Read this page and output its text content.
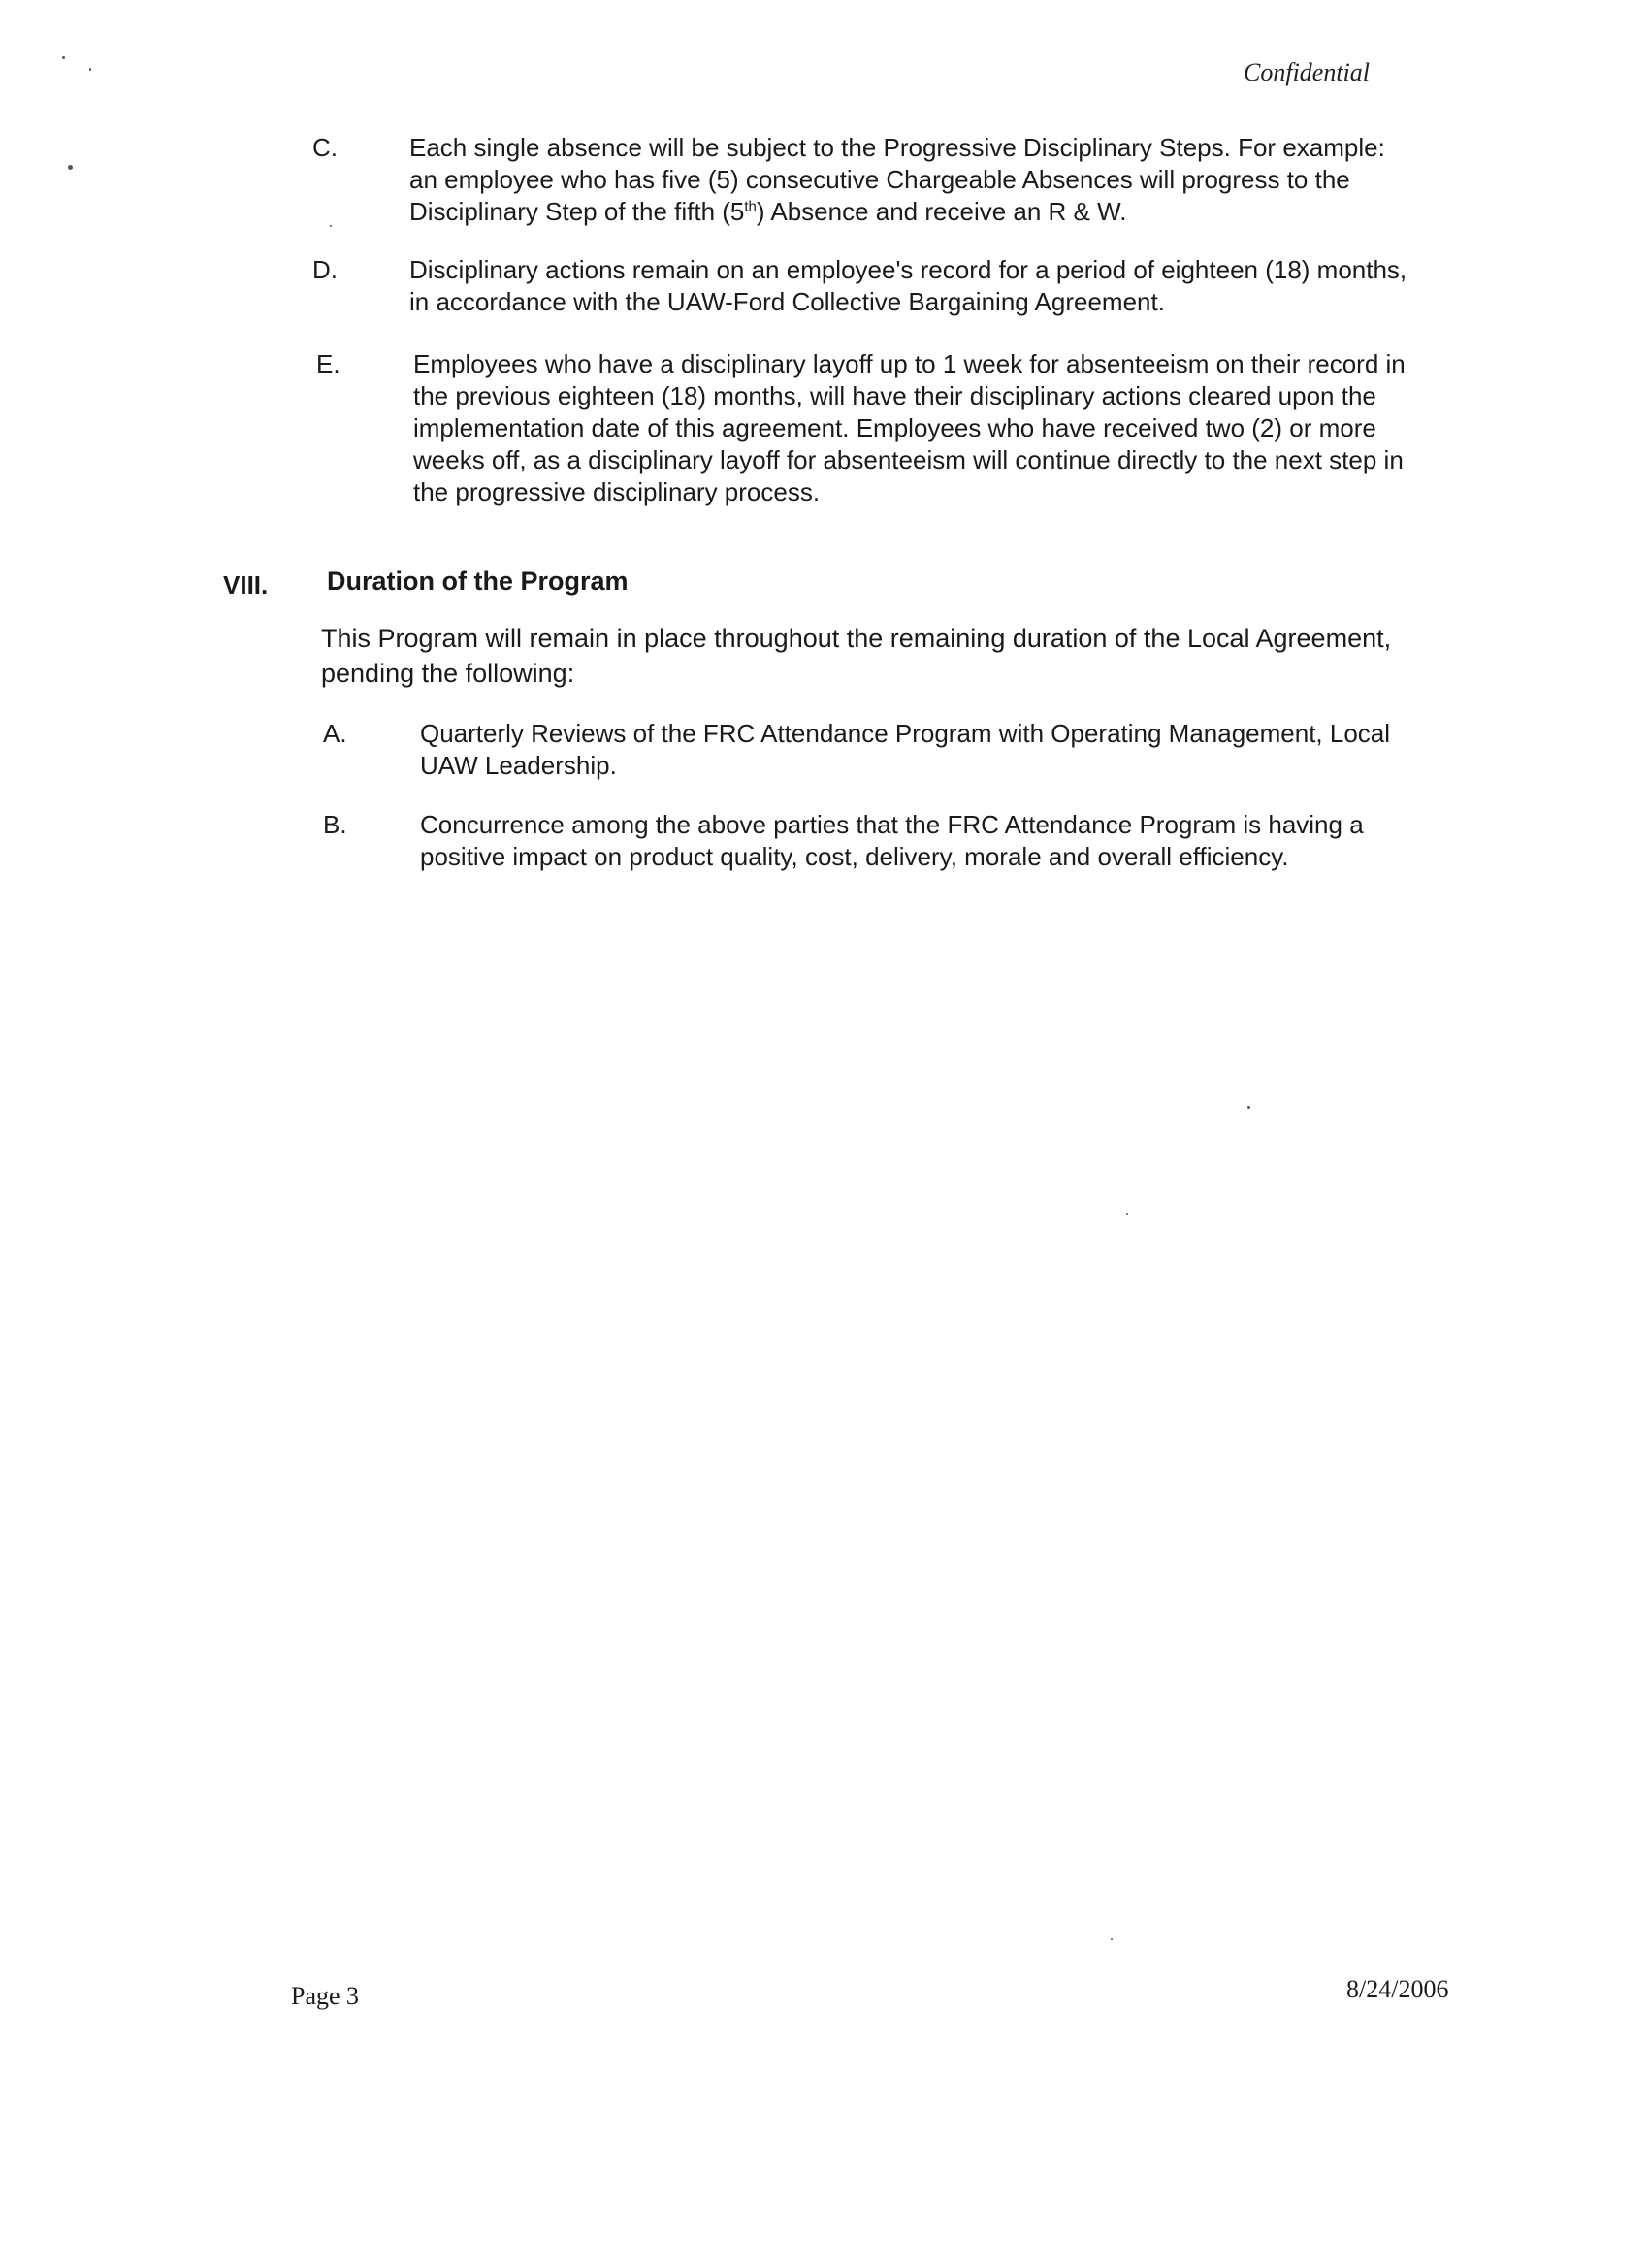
Confidential
C.	Each single absence will be subject to the Progressive Disciplinary Steps. For example:
an employee who has five (5) consecutive Chargeable Absences will progress to the
Disciplinary Step of the fifth (5th) Absence and receive an R & W.
D.	Disciplinary actions remain on an employee's record for a period of eighteen (18) months,
in accordance with the UAW-Ford Collective Bargaining Agreement.
E.	Employees who have a disciplinary layoff up to 1 week for absenteeism on their record in
the previous eighteen (18) months, will have their disciplinary actions cleared upon the
implementation date of this agreement. Employees who have received two (2) or more
weeks off, as a disciplinary layoff for absenteeism will continue directly to the next step in
the progressive disciplinary process.
VIII. Duration of the Program
This Program will remain in place throughout the remaining duration of the Local Agreement,
pending the following:
A.	Quarterly Reviews of the FRC Attendance Program with Operating Management, Local
UAW Leadership.
B.	Concurrence among the above parties that the FRC Attendance Program is having a
positive impact on product quality, cost, delivery, morale and overall efficiency.
Page 3	8/24/2006
